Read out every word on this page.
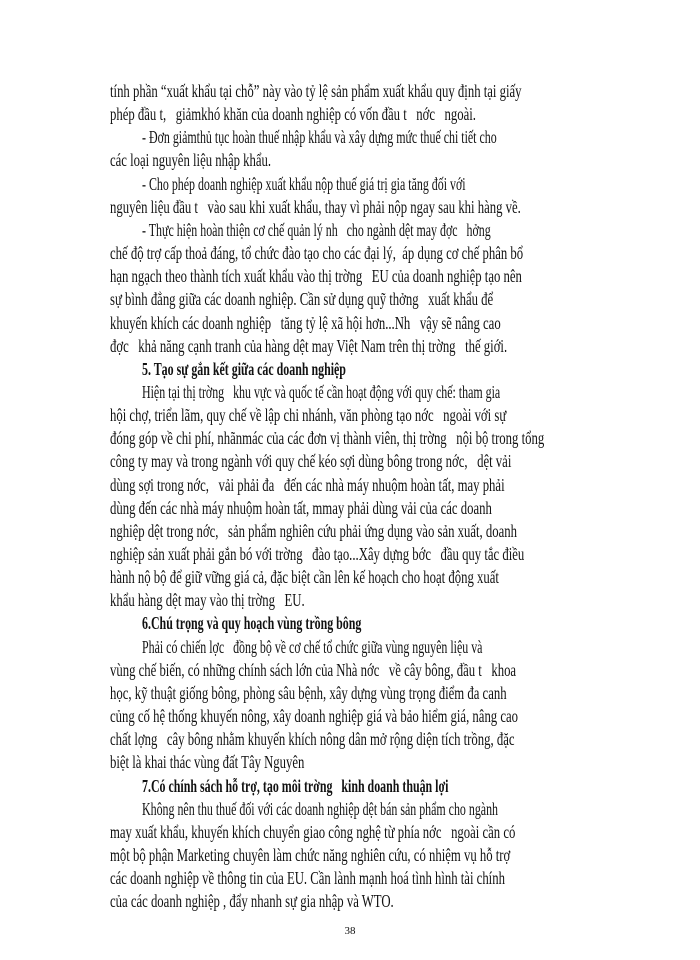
tính phần “xuất khẩu tại chỗ” này vào tỷ lệ sản phẩm xuất khẩu quy định tại giấy
phép đầu t,   giảmkhó khăn của doanh nghiệp có vốn đầu t   nớc   ngoài.
- Đơn giảmthủ tục hoàn thuế nhập khẩu và xây dựng mức thuế chi tiết cho
các loại nguyên liệu nhập khẩu.
- Cho phép doanh nghiệp xuất khẩu nộp thuế giá trị gia tăng đối với
nguyên liệu đầu t   vào sau khi xuất khẩu, thay vì phải nộp ngay sau khi hàng về.
- Thực hiện hoàn thiện cơ chế quản lý nh   cho ngành dệt may đợc   hởng
chế độ trợ cấp thoả đáng, tổ chức đào tạo cho các đại lý,  áp dụng cơ chế phân bổ
hạn ngạch theo thành tích xuất khẩu vào thị trờng   EU của doanh nghiệp tạo nên
sự bình đẳng giữa các doanh nghiệp. Cần sử dụng quỹ thởng   xuất khẩu để
khuyến khích các doanh nghiệp   tăng tỷ lệ xã hội hơn...Nh   vậy sẽ nâng cao
đợc   khả năng cạnh tranh của hàng dệt may Việt Nam trên thị trờng   thế giới.
5. Tạo sự gắn kết giữa các doanh nghiệp
Hiện tại thị trờng   khu vực và quốc tế cần hoạt động với quy chế: tham gia
hội chợ, triển lãm, quy chế về lập chi nhánh, văn phòng tạo nớc   ngoài với sự
đóng góp về chi phí, nhãnmác của các đơn vị thành viên, thị trờng   nội bộ trong tổng
công ty may và trong ngành với quy chế kéo sợi dùng bông trong nớc,   dệt vải
dùng sợi trong nớc,   vải phải đa   đến các nhà máy nhuộm hoàn tất, may phải
dùng đến các nhà máy nhuộm hoàn tất, mmay phải dùng vải của các doanh
nghiệp dệt trong nớc,   sản phẩm nghiên cứu phải ứng dụng vào sản xuất, doanh
nghiệp sản xuất phải gắn bó với trờng   đào tạo...Xây dựng bớc   đầu quy tắc điều
hành nộ bộ để giữ vững giá cả, đặc biệt cần lên kế hoạch cho hoạt động xuất
khẩu hàng dệt may vào thị trờng   EU.
6.Chú trọng và quy hoạch vùng trồng bông
Phải có chiến lợc   đồng bộ về cơ chế tổ chức giữa vùng nguyên liệu và
vùng chế biến, có những chính sách lớn của Nhà nớc   về cây bông, đầu t   khoa
học, kỹ thuật giống bông, phòng sâu bệnh, xây dựng vùng trọng điểm đa canh
củng cố hệ thống khuyến nông, xây doanh nghiệp giá và bảo hiểm giá, nâng cao
chất lợng   cây bông nhằm khuyến khích nông dân mở rộng diện tích trồng, đặc
biệt là khai thác vùng đất Tây Nguyên
7.Có chính sách hỗ trợ, tạo môi trờng   kinh doanh thuận lợi
Không nên thu thuế đối với các doanh nghiệp dệt bán sản phẩm cho ngành
may xuất khẩu, khuyến khích chuyển giao công nghệ từ phía nớc   ngoài cần có
một bộ phận Marketing chuyên làm chức năng nghiên cứu, có nhiệm vụ hỗ trợ
các doanh nghiệp về thông tin của EU. Cần lành mạnh hoá tình hình tài chính
của các doanh nghiệp , đẩy nhanh sự gia nhập và WTO.
38
